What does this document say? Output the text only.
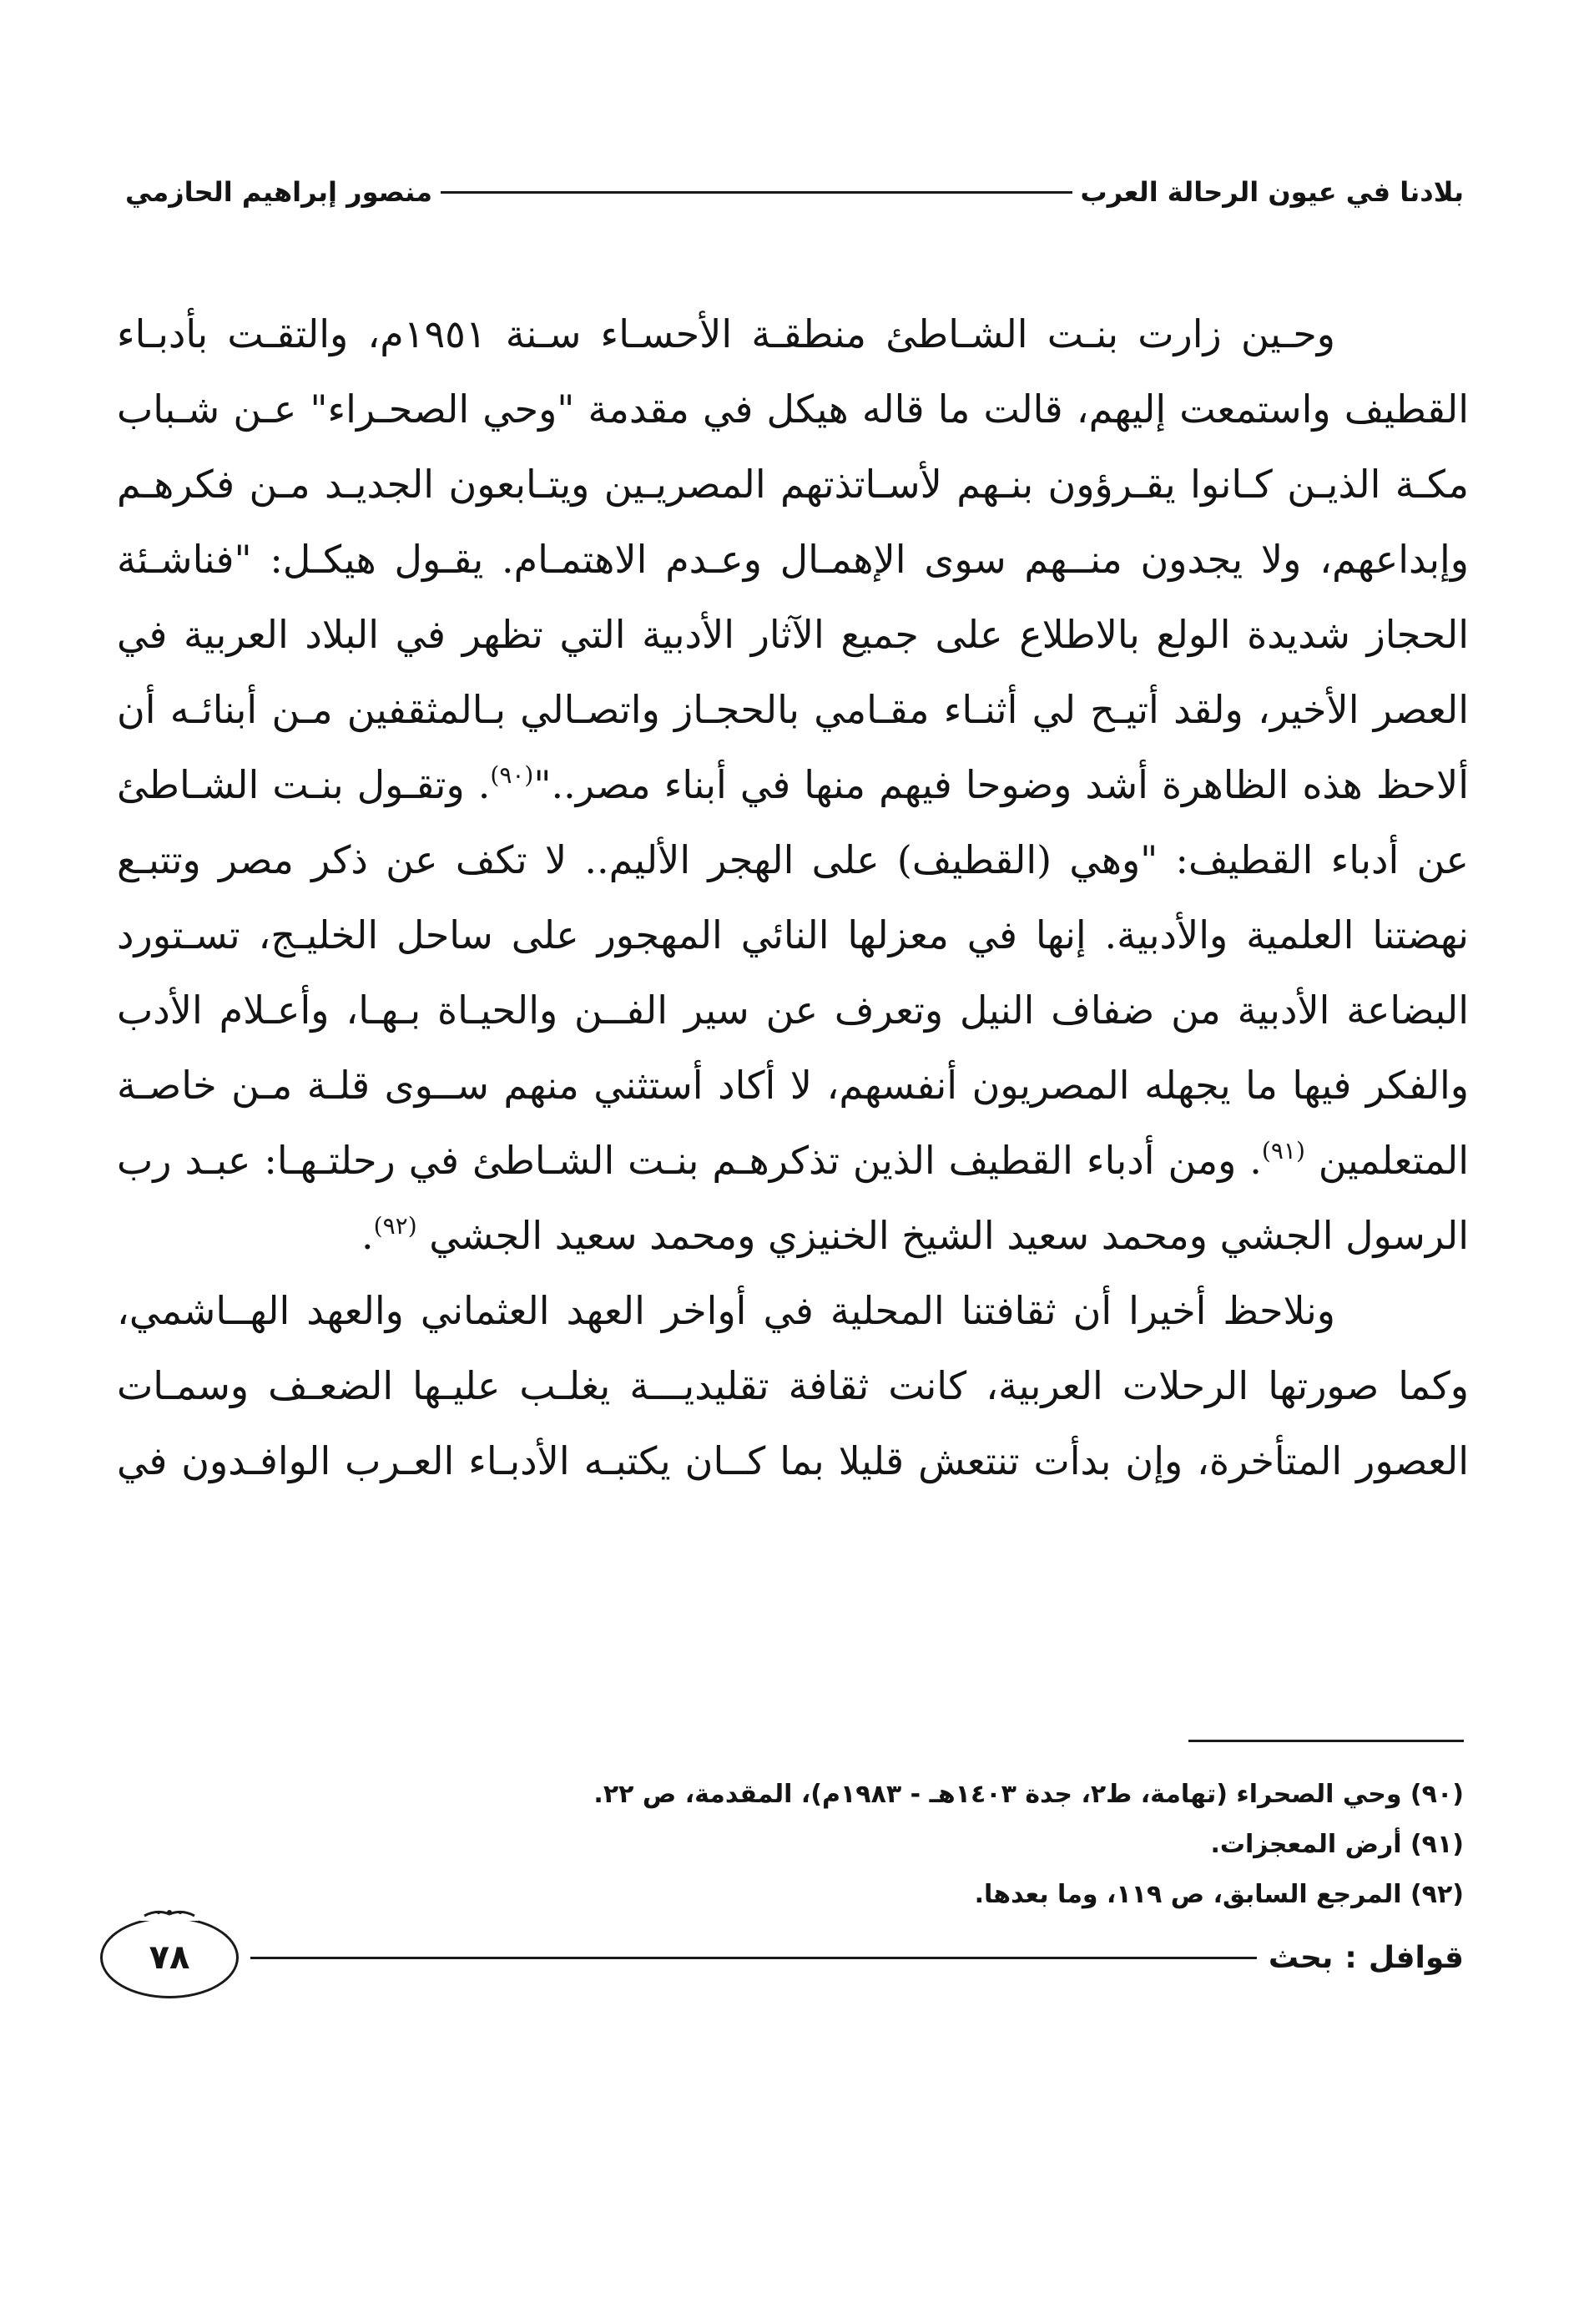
بلادنا في عيون الرحالة العرب
منصور إبراهيم الحازمي

وحـين زارت بنـت الشـاطئ منطقـة الأحسـاء سـنة ١٩٥١م، والتقـت بأدبـاء
القطيف واستمعت إليهم، قالت ما قاله هيكل في مقدمة "وحي الصحـراء" عـن شـباب
مكـة الذيـن كـانوا يقـرؤون بنـهم لأسـاتذتهم المصريـين ويتـابعون الجديـد مـن فكرهـم
وإبداعهم، ولا يجدون منــهم سوى الإهمـال وعـدم الاهتمـام. يقـول هيكـل: "فناشـئة
الحجاز شديدة الولع بالاطلاع على جميع الآثار الأدبية التي تظهر في البلاد العربية في
العصر الأخير، ولقد أتيـح لي أثنـاء مقـامي بالحجـاز واتصـالي بـالمثقفين مـن أبنائـه أن
ألاحظ هذه الظاهرة أشد وضوحا فيهم منها في أبناء مصر.."$^{(٩٠)}$. وتقـول بنـت الشـاطئ
عن أدباء القطيف: "وهي (القطيف) على الهجر الأليم.. لا تكف عن ذكر مصر وتتبـع
نهضتنا العلمية والأدبية. إنها في معزلها النائي المهجور على ساحل الخليـج، تسـتورد
البضاعة الأدبية من ضفاف النيل وتعرف عن سير الفــن والحيـاة بـهـا، وأعـلام الأدب
والفكر فيها ما يجهله المصريون أنفسهم، لا أكاد أستثني منهم ســوى قلـة مـن خاصـة
المتعلمين $^{(٩١)}$. ومن أدباء القطيف الذين تذكرهـم بنـت الشـاطئ في رحلتـهـا: عبـد رب
الرسول الجشي ومحمد سعيد الشيخ الخنيزي ومحمد سعيد الجشي $^{(٩٢)}$.

ونلاحظ أخيرا أن ثقافتنا المحلية في أواخر العهد العثماني والعهد الهــاشمي،
وكما صورتها الرحلات العربية، كانت ثقافة تقليديـــة يغلـب عليـها الضعـف وسمـات
العصور المتأخرة، وإن بدأت تنتعش قليلا بما كــان يكتبـه الأدبـاء العـرب الوافـدون في

(٩٠) وحي الصحراء (تهامة، ط٢، جدة ١٤٠٣هـ - ١٩٨٣م)، المقدمة، ص ٢٢.

(٩١) أرض المعجزات.

(٩٢) المرجع السابق، ص ١١٩، وما بعدها.

قوافل
:
بحث
٧٨
